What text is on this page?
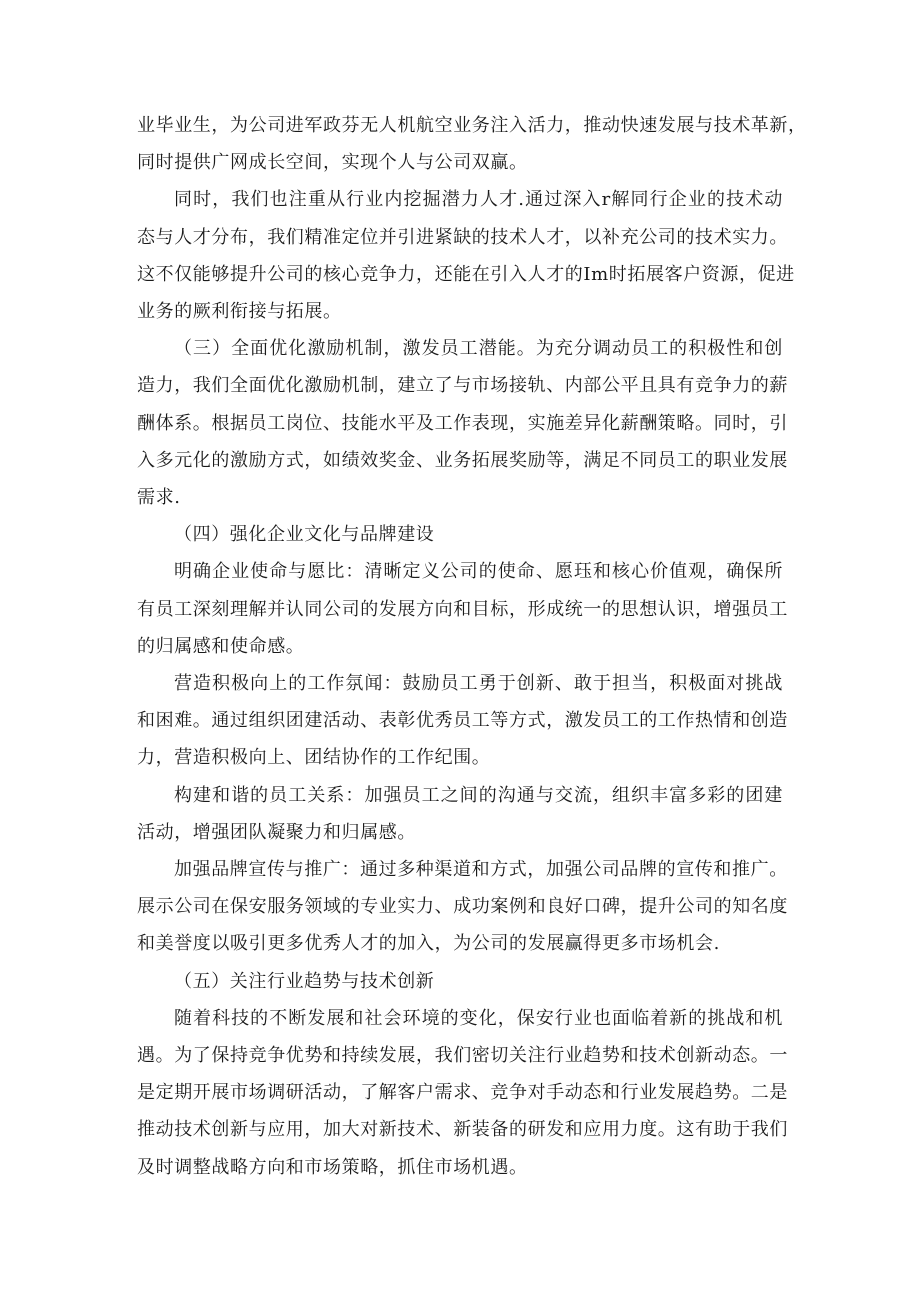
业毕业生，为公司进军政芬无人机航空业务注入活力，推动快速发展与技术革新，
同时提供广网成长空间，实现个人与公司双赢。
同时，我们也注重从行业内挖掘潜力人才.通过深入r解同行企业的技术动
态与人才分布，我们精准定位并引进紧缺的技术人才，以补充公司的技术实力。
这不仅能够提升公司的核心竞争力，还能在引入人才的Im时拓展客户资源，促进
业务的厥利衔接与拓展。
（三）全面优化激励机制，激发员工潜能。为充分调动员工的积极性和创
造力，我们全面优化激励机制，建立了与市场接轨、内部公平且具有竞争力的薪
酬体系。根据员工岗位、技能水平及工作表现，实施差异化薪酬策略。同时，引
入多元化的激励方式，如绩效奖金、业务拓展奖励等，满足不同员工的职业发展
需求.
（四）强化企业文化与品牌建设
明确企业使命与愿比：清晰定义公司的使命、愿珏和核心价值观，确保所
有员工深刻理解并认同公司的发展方向和目标，形成统一的思想认识，增强员工
的归属感和使命感。
营造积极向上的工作氛闻：鼓励员工勇于创新、敢于担当，积极面对挑战
和困难。通过组织团建活动、表彰优秀员工等方式，激发员工的工作热情和创造
力，营造积极向上、团结协作的工作纪围。
构建和谐的员工关系：加强员工之间的沟通与交流，组织丰富多彩的团建
活动，增强团队凝聚力和归属感。
加强品牌宣传与推广：通过多种渠道和方式，加强公司品牌的宣传和推广。
展示公司在保安服务领域的专业实力、成功案例和良好口碑，提升公司的知名度
和美誉度以吸引更多优秀人才的加入，为公司的发展赢得更多市场机会.
（五）关注行业趋势与技术创新
随着科技的不断发展和社会环境的变化，保安行业也面临着新的挑战和机
遇。为了保持竞争优势和持续发展，我们密切关注行业趋势和技术创新动态。一
是定期开展市场调研活动，了解客户需求、竞争对手动态和行业发展趋势。二是
推动技术创新与应用，加大对新技术、新装备的研发和应用力度。这有助于我们
及时调整战略方向和市场策略，抓住市场机遇。
